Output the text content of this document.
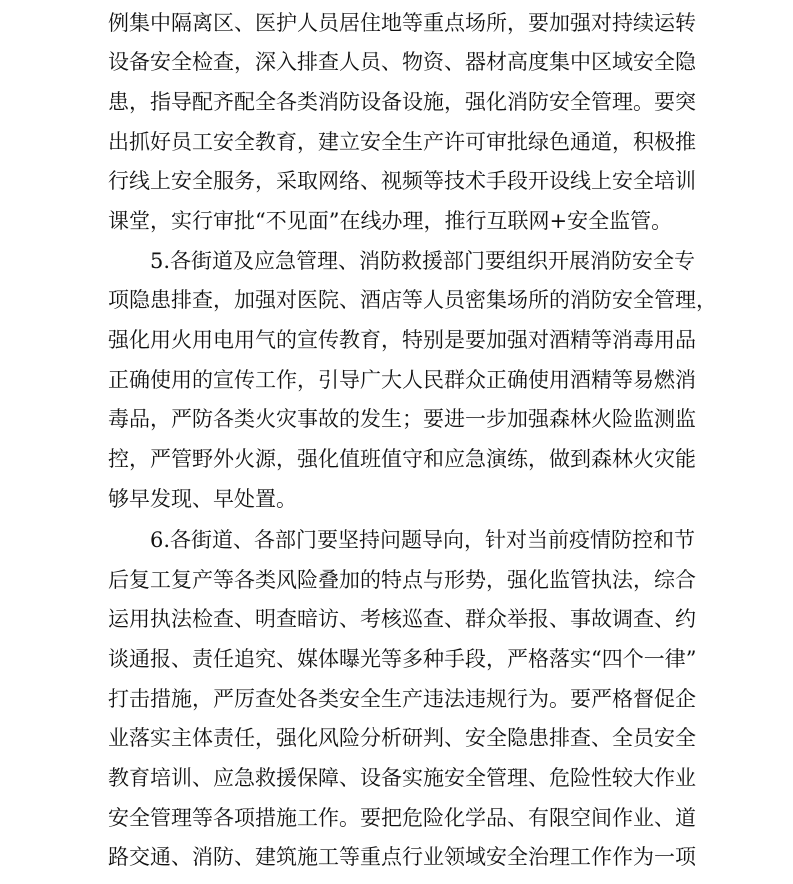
例集中隔离区、医护人员居住地等重点场所，要加强对持续运转
设备安全检查，深入排查人员、物资、器材高度集中区域安全隐
患，指导配齐配全各类消防设备设施，强化消防安全管理。要突
出抓好员工安全教育，建立安全生产许可审批绿色通道，积极推
行线上安全服务，采取网络、视频等技术手段开设线上安全培训
课堂，实行审批“不见面”在线办理，推行互联网+安全监管。
　　5.各街道及应急管理、消防救援部门要组织开展消防安全专
项隐患排查，加强对医院、酒店等人员密集场所的消防安全管理，
强化用火用电用气的宣传教育，特别是要加强对酒精等消毒用品
正确使用的宣传工作，引导广大人民群众正确使用酒精等易燃消
毒品，严防各类火灾事故的发生；要进一步加强森林火险监测监
控，严管野外火源，强化值班值守和应急演练，做到森林火灾能
够早发现、早处置。
　　6.各街道、各部门要坚持问题导向，针对当前疫情防控和节
后复工复产等各类风险叠加的特点与形势，强化监管执法，综合
运用执法检查、明查暗访、考核巡查、群众举报、事故调查、约
谈通报、责任追究、媒体曝光等多种手段，严格落实“四个一律”
打击措施，严厉查处各类安全生产违法违规行为。要严格督促企
业落实主体责任，强化风险分析研判、安全隐患排查、全员安全
教育培训、应急救援保障、设备实施安全管理、危险性较大作业
安全管理等各项措施工作。要把危险化学品、有限空间作业、道
路交通、消防、建筑施工等重点行业领域安全治理工作作为一项
